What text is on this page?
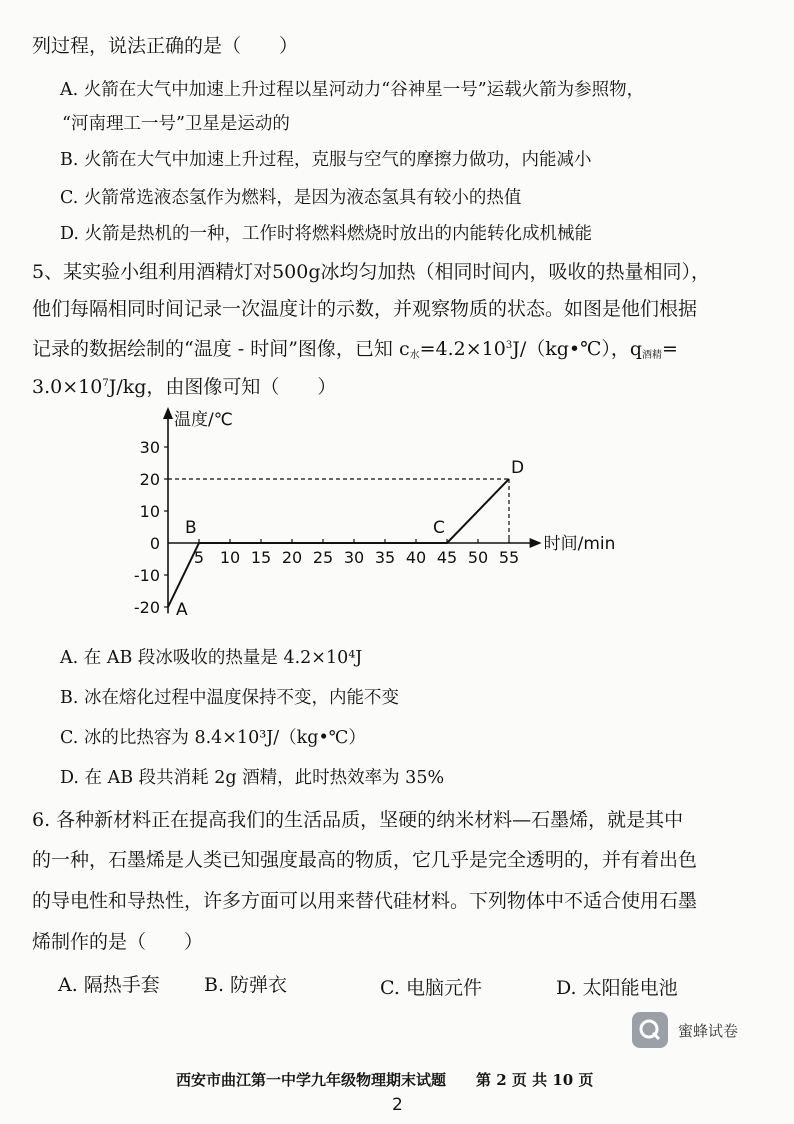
列过程，说法正确的是（　　）
A. 火箭在大气中加速上升过程以星河动力“谷神星一号”运载火箭为参照物，
“河南理工一号”卫星是运动的
B. 火箭在大气中加速上升过程，克服与空气的摩擦力做功，内能减小
C. 火箭常选液态氢作为燃料，是因为液态氢具有较小的热值
D. 火箭是热机的一种，工作时将燃料燃烧时放出的内能转化成机械能
5、某实验小组利用酒精灯对500g冰均匀加热（相同时间内，吸收的热量相同），
他们每隔相同时间记录一次温度计的示数，并观察物质的状态。如图是他们根据
记录的数据绘制的“温度 - 时间”图像，已知 $c_水=4.2\times 10^3J/(kg•℃)$，$q_{酒精}=$
$3.0\times 10^7J/kg$，由图像可知（　　）
温度/℃
时间/min
30
20
10
0
-10
-20
5 10 15 20 25 30 35 40 45 50 55
A
B	C
D
A. 在 AB 段冰吸收的热量是 4.2×10⁴J
B. 冰在熔化过程中温度保持不变，内能不变
C. 冰的比热容为 8.4×10³J/（kg•℃）
D. 在 AB 段共消耗 2g 酒精，此时热效率为 35%
6. 各种新材料正在提高我们的生活品质，坚硬的纳米材料—石墨烯，就是其中
的一种，石墨烯是人类已知强度最高的物质，它几乎是完全透明的，并有着出色
的导电性和导热性，许多方面可以用来替代硅材料。下列物体中不适合使用石墨
烯制作的是（　　）
A. 隔热手套 B. 防弹衣	C. 电脑元件	D. 太阳能电池
蜜蜂试卷
西安市曲江第一中学九年级物理期末试题 第 2 页 共 10 页
2
